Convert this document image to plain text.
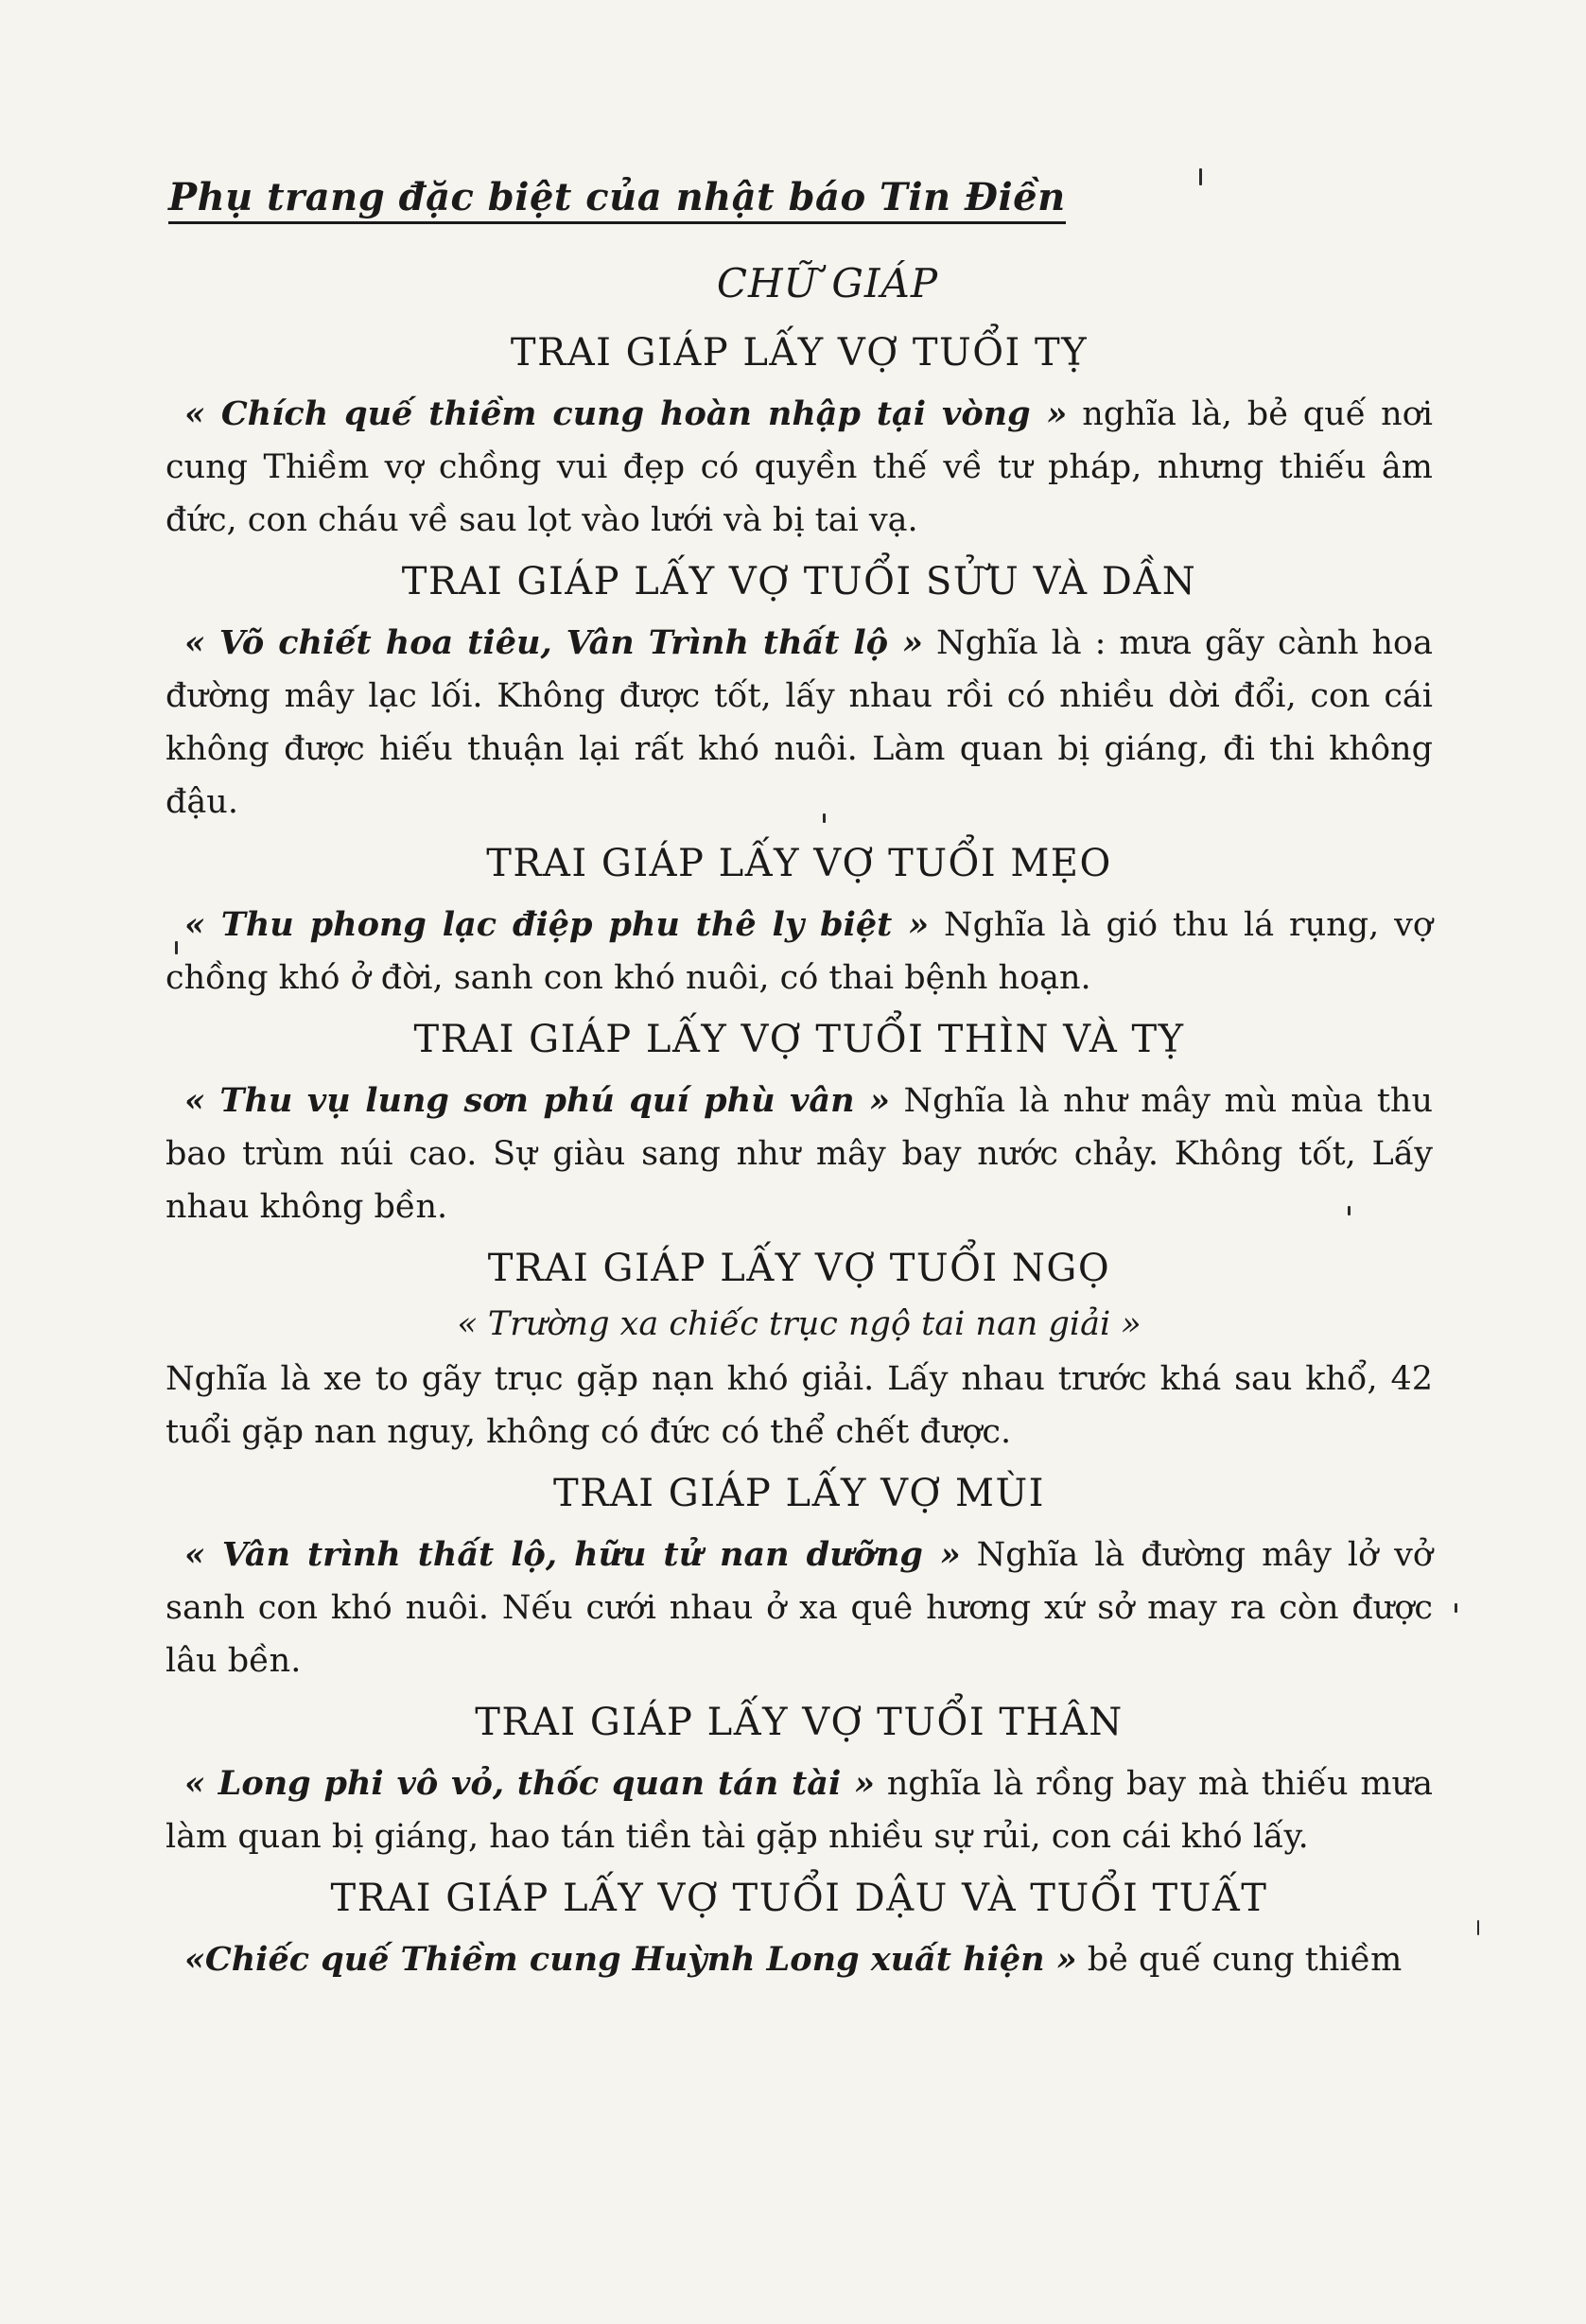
Phụ trang đặc biệt của nhật báo Tin Điền
CHỮ GIÁP
TRAI GIÁP LẤY VỢ TUỔI TỴ

« Chích quế thiềm cung hoàn nhập tại vòng » nghĩa là, bẻ quế nơi cung Thiềm vợ chồng vui đẹp có quyền thế về tư pháp, nhưng thiếu âm đức, con cháu về sau lọt vào lưới và bị tai vạ.

TRAI GIÁP LẤY VỢ TUỔI SỬU VÀ DẦN

« Võ chiết hoa tiêu, Vân Trình thất lộ » Nghĩa là : mưa gãy cành hoa đường mây lạc lối. Không được tốt, lấy nhau rồi có nhiều dời đổi, con cái không được hiếu thuận lại rất khó nuôi. Làm quan bị giáng, đi thi không đậu.

TRAI GIÁP LẤY VỢ TUỔI MẸO

« Thu phong lạc điệp phu thê ly biệt » Nghĩa là gió thu lá rụng, vợ chồng khó ở đời, sanh con khó nuôi, có thai bệnh hoạn.

TRAI GIÁP LẤY VỢ TUỔI THÌN VÀ TỴ

« Thu vụ lung sơn phú quí phù vân » Nghĩa là như mây mù mùa thu bao trùm núi cao. Sự giàu sang như mây bay nước chảy. Không tốt, Lấy nhau không bền.

TRAI GIÁP LẤY VỢ TUỔI NGỌ
« Trường xa chiếc trục ngộ tai nan giải »

Nghĩa là xe to gãy trục gặp nạn khó giải. Lấy nhau trước khá sau khổ, 42 tuổi gặp nan nguy, không có đức có thể chết được.

TRAI GIÁP LẤY VỢ MÙI

« Vân trình thất lộ, hữu tử nan dưỡng » Nghĩa là đường mây lở vở sanh con khó nuôi. Nếu cưới nhau ở xa quê hương xứ sở may ra còn được lâu bền.

TRAI GIÁP LẤY VỢ TUỔI THÂN

« Long phi vô vỏ, thốc quan tán tài » nghĩa là rồng bay mà thiếu mưa làm quan bị giáng, hao tán tiền tài gặp nhiều sự rủi, con cái khó lấy.

TRAI GIÁP LẤY VỢ TUỔI DẬU VÀ TUỔI TUẤT

«Chiếc quế Thiềm cung Huỳnh Long xuất hiện » bẻ quế cung thiềm
